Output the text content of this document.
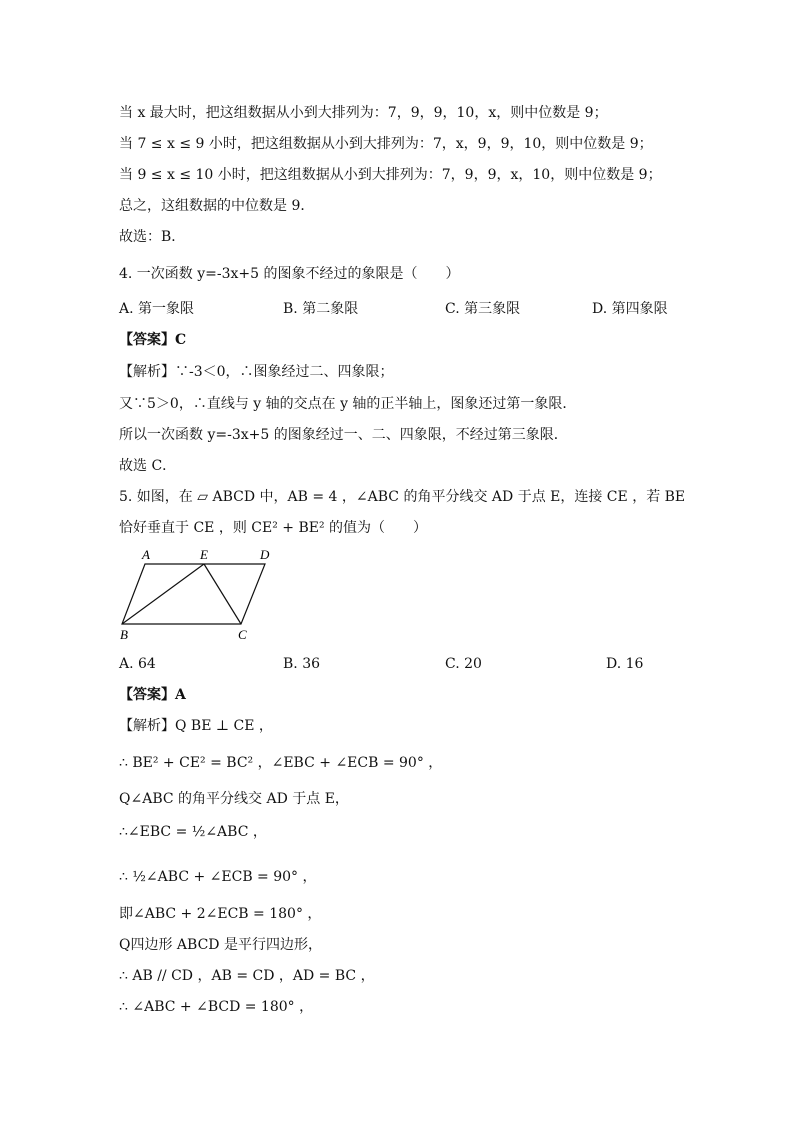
当 x 最大时，把这组数据从小到大排列为：7，9，9，10，x，则中位数是 9；
当 7 ≤ x ≤ 9 小时，把这组数据从小到大排列为：7，x，9，9，10，则中位数是 9；
当 9 ≤ x ≤ 10 小时，把这组数据从小到大排列为：7，9，9，x，10，则中位数是 9；
总之，这组数据的中位数是 9．
故选：B．
4. 一次函数 y=-3x+5 的图象不经过的象限是（　　）
A. 第一象限	B. 第二象限	C. 第三象限	D. 第四象限
【答案】C
【解析】∵-3＜0，∴图象经过二、四象限；
又∵5＞0，∴直线与 y 轴的交点在 y 轴的正半轴上，图象还过第一象限．
所以一次函数 y=-3x+5 的图象经过一、二、四象限，不经过第三象限．
故选 C．
5. 如图，在 ▱ ABCD 中，AB = 4 ，∠ABC 的角平分线交 AD 于点 E，连接 CE ，若 BE
恰好垂直于 CE ，则 CE² + BE² 的值为（　　）
A	E	D
B	C
A. 64	B. 36	C. 20	D. 16
【答案】A
【解析】Q BE ⊥ CE ，
∴ BE² + CE² = BC² ，∠EBC + ∠ECB = 90° ，
Q∠ABC 的角平分线交 AD 于点 E，
∴∠EBC = ½∠ABC ，
∴ ½∠ABC + ∠ECB = 90° ，
即∠ABC + 2∠ECB = 180° ，
Q四边形 ABCD 是平行四边形，
∴ AB // CD ，AB = CD ，AD = BC ，
∴ ∠ABC + ∠BCD = 180° ，
